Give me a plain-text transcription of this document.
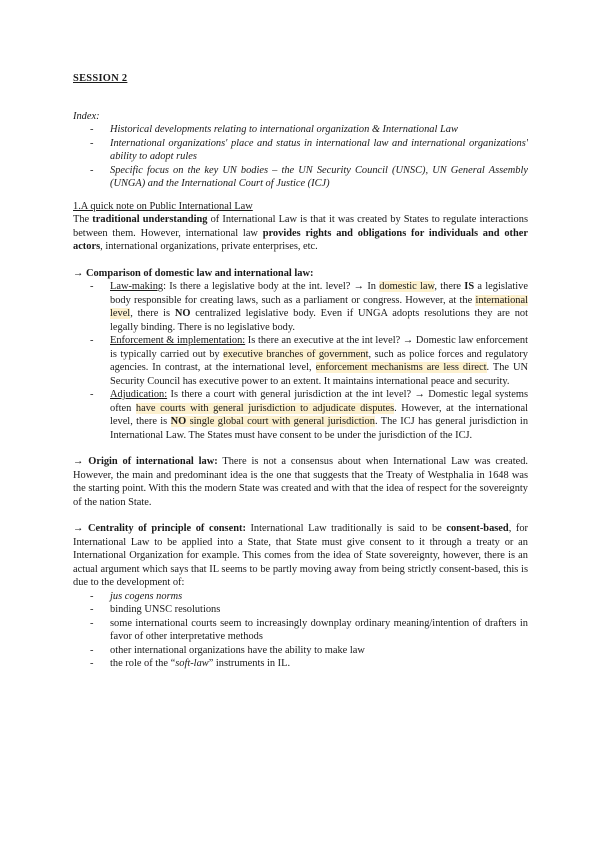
SESSION 2

Index:

- Historical developments relating to international organization & International Law
- International organizations' place and status in international law and international organizations' ability to adopt rules
- Specific focus on the key UN bodies – the UN Security Council (UNSC), UN General Assembly (UNGA) and the International Court of Justice (ICJ)

1.A quick note on Public International Law

The traditional understanding of International Law is that it was created by States to regulate interactions between them. However, international law provides rights and obligations for individuals and other actors, international organizations, private enterprises, etc.

→ Comparison of domestic law and international law:

- Law-making: Is there a legislative body at the int. level? → In domestic law, there IS a legislative body responsible for creating laws, such as a parliament or congress. However, at the international level, there is NO centralized legislative body. Even if UNGA adopts resolutions they are not legally binding. There is no legislative body.
- Enforcement & implementation: Is there an executive at the int level? → Domestic law enforcement is typically carried out by executive branches of government, such as police forces and regulatory agencies. In contrast, at the international level, enforcement mechanisms are less direct. The UN Security Council has executive power to an extent. It maintains international peace and security.
- Adjudication: Is there a court with general jurisdiction at the int level? → Domestic legal systems often have courts with general jurisdiction to adjudicate disputes. However, at the international level, there is NO single global court with general jurisdiction. The ICJ has general jurisdiction in International Law. The States must have consent to be under the jurisdiction of the ICJ.

→ Origin of international law: There is not a consensus about when International Law was created. However, the main and predominant idea is the one that suggests that the Treaty of Westphalia in 1648 was the starting point. With this the modern State was created and with that the idea of respect for the sovereignty of the nation State.

→ Centrality of principle of consent: International Law traditionally is said to be consent-based, for International Law to be applied into a State, that State must give consent to it through a treaty or an International Organization for example. This comes from the idea of State sovereignty, however, there is an actual argument which says that IL seems to be partly moving away from being strictly consent-based, this is due to the development of:

- jus cogens norms
- binding UNSC resolutions
- some international courts seem to increasingly downplay ordinary meaning/intention of drafters in favor of other interpretative methods
- other international organizations have the ability to make law
- the role of the “soft-law” instruments in IL.
